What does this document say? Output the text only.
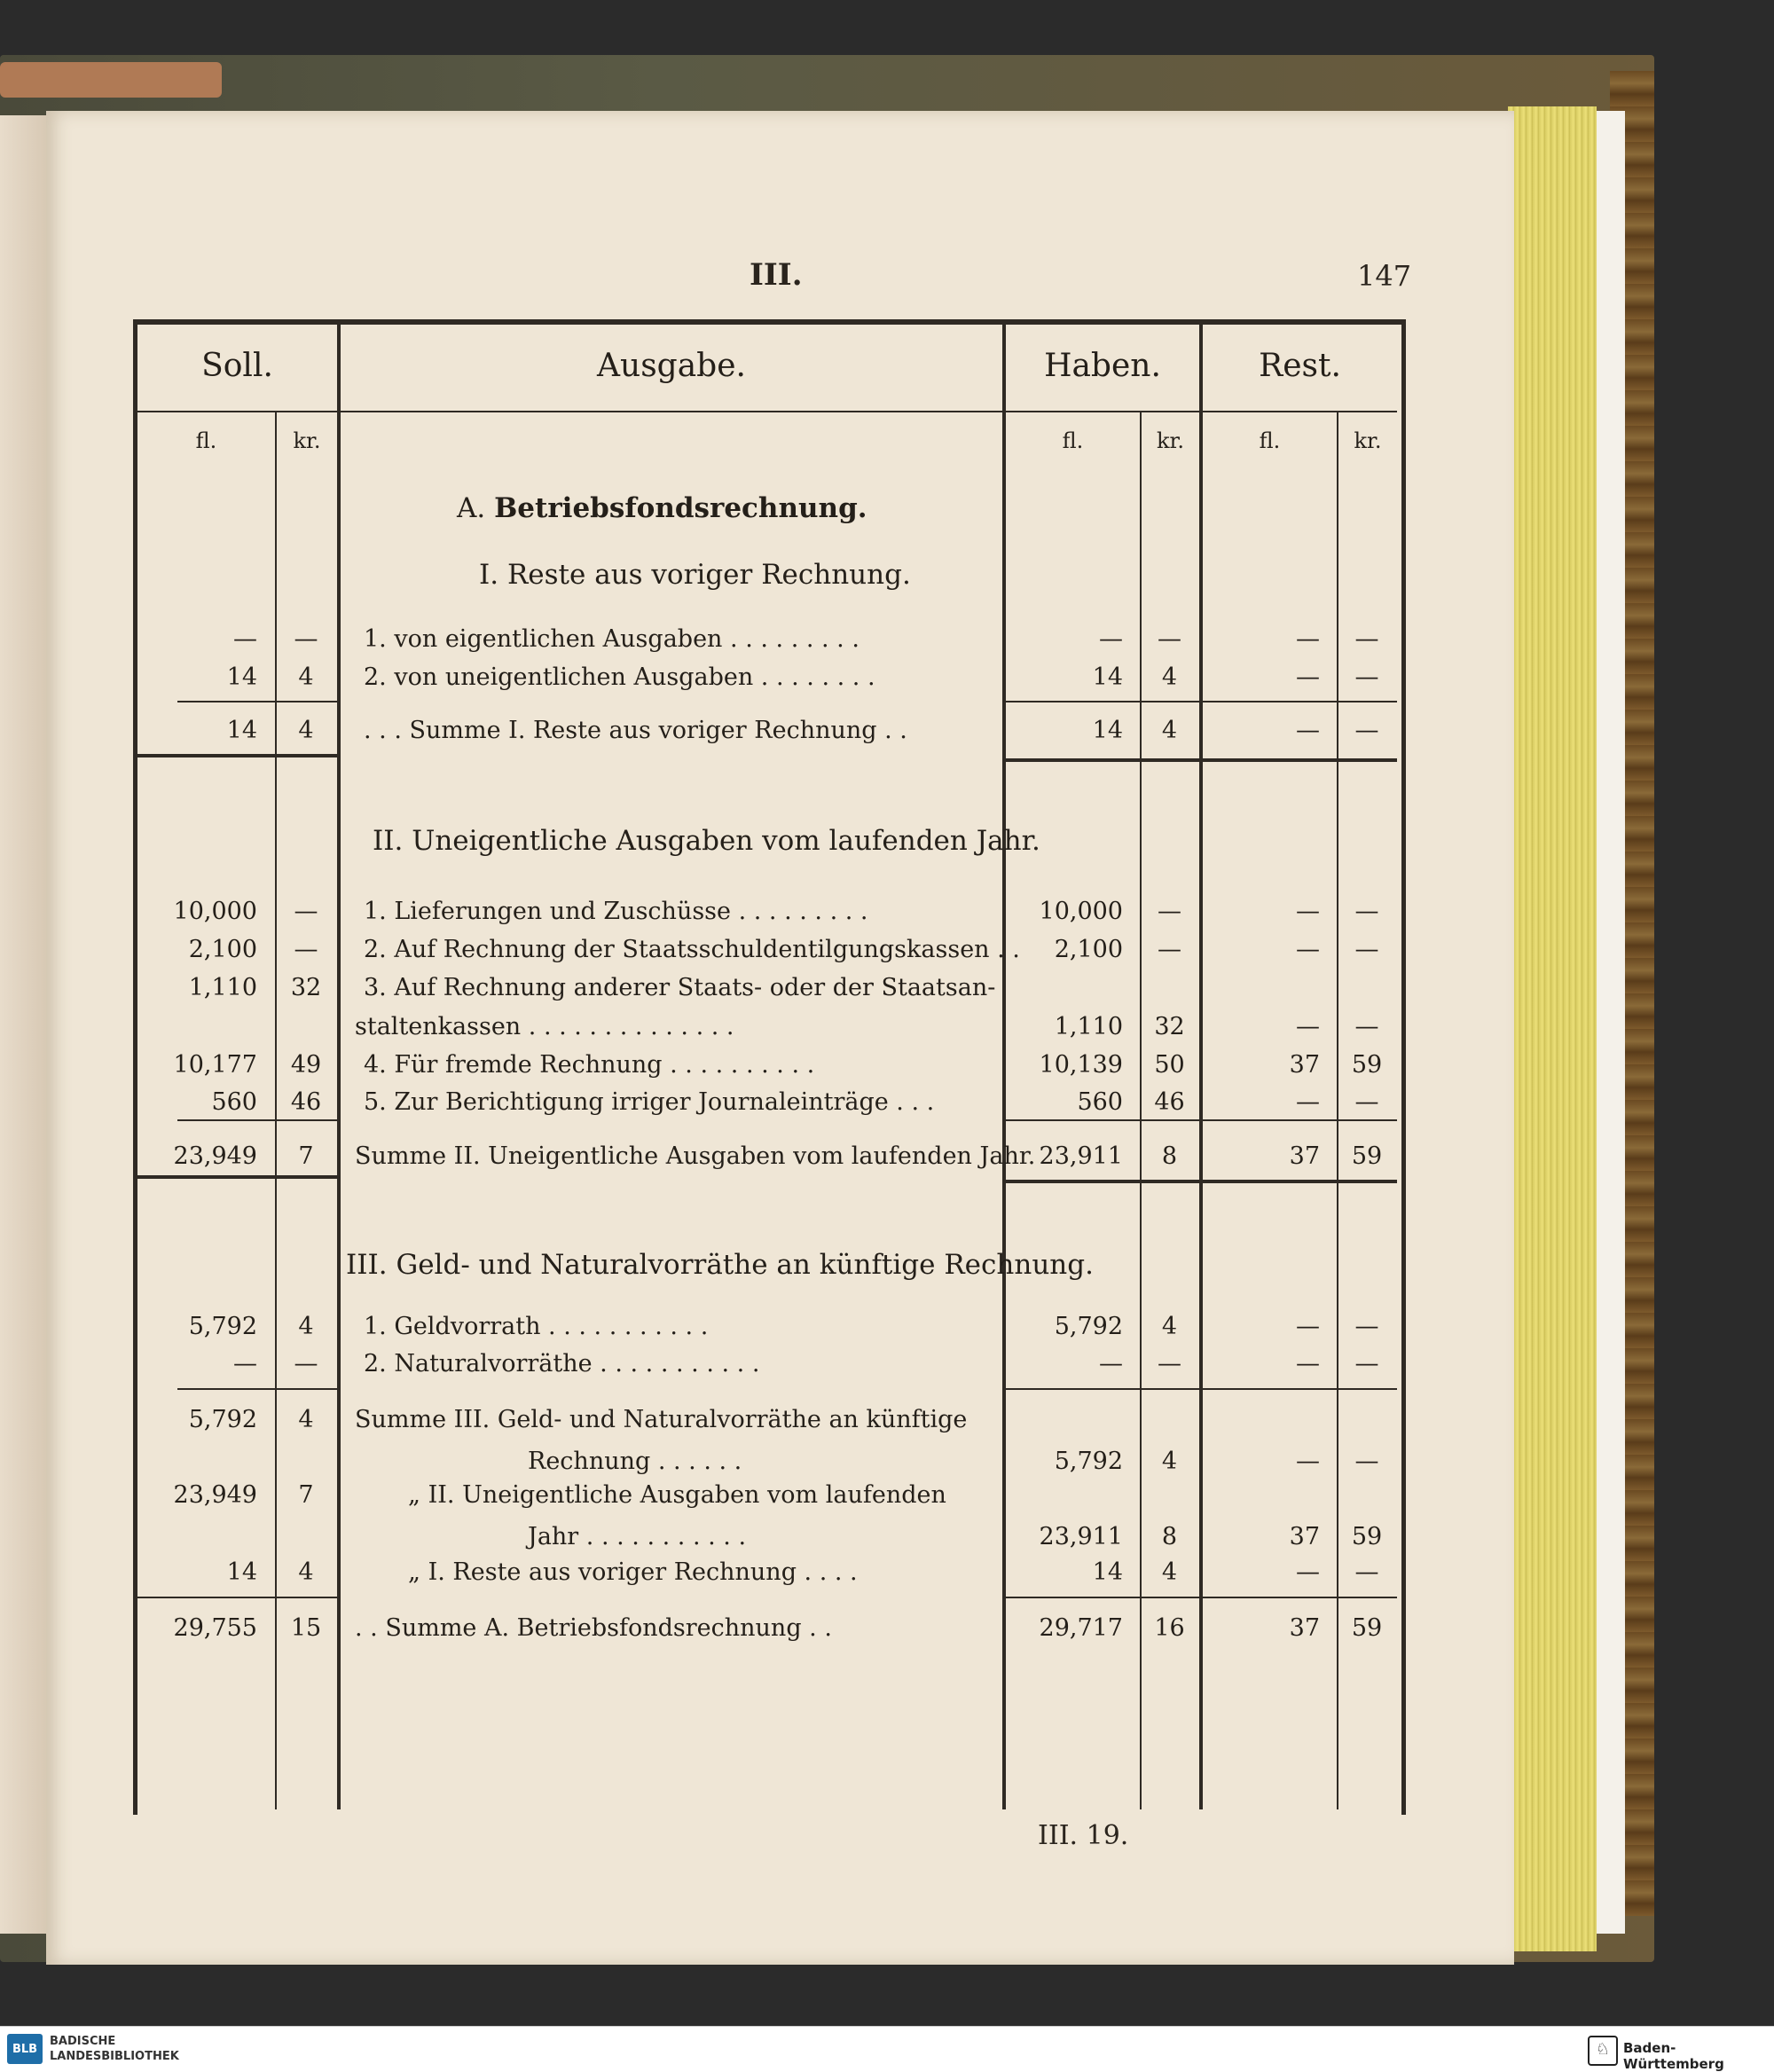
III.	147
Soll.	Ausgabe.	Haben.	Rest.
fl.	kr.	fl.	kr.	fl.	kr.
A. Betriebsfondsrechnung.
I. Reste aus voriger Rechnung.
—	—	1. von eigentlichen Ausgaben . . . . . . . . .	—	—	—	—
14	4	2. von uneigentlichen Ausgaben . . . . . . . .	14	4	—	—
14	4	. . . Summe I. Reste aus voriger Rechnung . .	14	4	—	—
II. Uneigentliche Ausgaben vom laufenden Jahr.
10,000	—	1. Lieferungen und Zuschüsse . . . . . . . . .	10,000	—	—	—
2,100	—	2. Auf Rechnung der Staatsschuldentilgungskassen . .	2,100	—	—	—
1,110	32	3. Auf Rechnung anderer Staats- oder der Staatsan-
staltenkassen . . . . . . . . . . . . . .	1,110	32	—	—
10,177	49	4. Für fremde Rechnung . . . . . . . . . .	10,139	50	37	59
560	46	5. Zur Berichtigung irriger Journaleinträge . . .	560	46	—	—
23,949	7	Summe II. Uneigentliche Ausgaben vom laufenden Jahr. 23,911	8	37	59
III. Geld- und Naturalvorräthe an künftige Rechnung.
5,792	4	1. Geldvorrath . . . . . . . . . . .	5,792	4	—	—
—	—	2. Naturalvorräthe . . . . . . . . . . .	—	—	—	—
5,792	4	Summe III. Geld- und Naturalvorräthe an künftige
Rechnung . . . . . .	5,792	4	—	—
23,949	7	„ II. Uneigentliche Ausgaben vom laufenden
Jahr . . . . . . . . . . .	23,911	8	37	59
14	4	„ I. Reste aus voriger Rechnung . . . .	14	4	—	—
29,755	15	. . Summe A. Betriebsfondsrechnung . .	29,717	16	37	59
III. 19.
BLB
BADISCHE
LANDESBIBLIOTHEK	♘ Baden-Württemberg
